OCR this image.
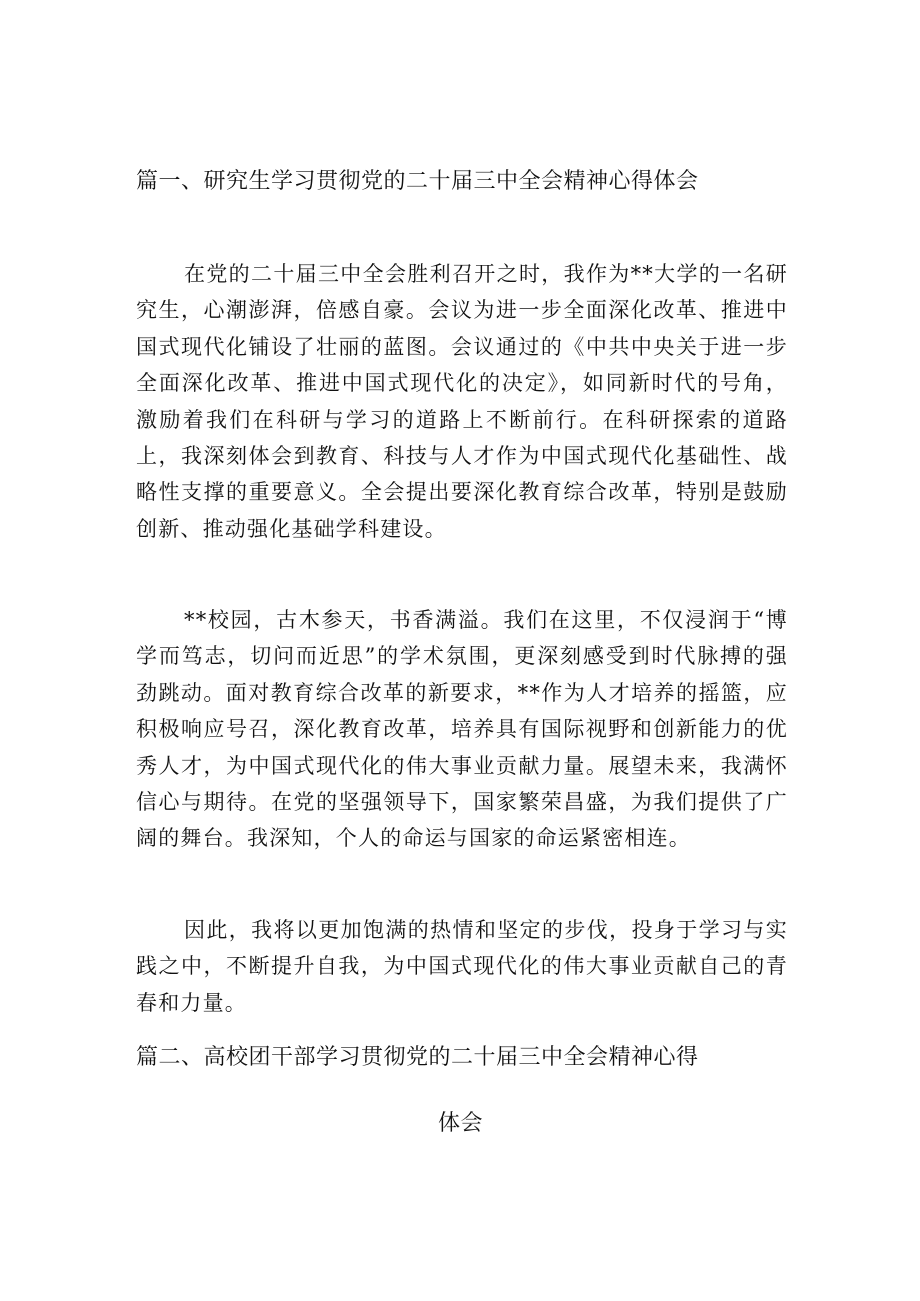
篇一、研究生学习贯彻党的二十届三中全会精神心得体会

在党的二十届三中全会胜利召开之时，我作为**大学的一名研究生，心潮澎湃，倍感自豪。会议为进一步全面深化改革、推进中国式现代化铺设了壮丽的蓝图。会议通过的《中共中央关于进一步全面深化改革、推进中国式现代化的决定》，如同新时代的号角，激励着我们在科研与学习的道路上不断前行。在科研探索的道路上，我深刻体会到教育、科技与人才作为中国式现代化基础性、战略性支撑的重要意义。全会提出要深化教育综合改革，特别是鼓励创新、推动强化基础学科建设。

**校园，古木参天，书香满溢。我们在这里，不仅浸润于“博学而笃志，切问而近思”的学术氛围，更深刻感受到时代脉搏的强劲跳动。面对教育综合改革的新要求，**作为人才培养的摇篮，应积极响应号召，深化教育改革，培养具有国际视野和创新能力的优秀人才，为中国式现代化的伟大事业贡献力量。展望未来，我满怀信心与期待。在党的坚强领导下，国家繁荣昌盛，为我们提供了广阔的舞台。我深知，个人的命运与国家的命运紧密相连。

因此，我将以更加饱满的热情和坚定的步伐，投身于学习与实践之中，不断提升自我，为中国式现代化的伟大事业贡献自己的青春和力量。

篇二、高校团干部学习贯彻党的二十届三中全会精神心得
体会
